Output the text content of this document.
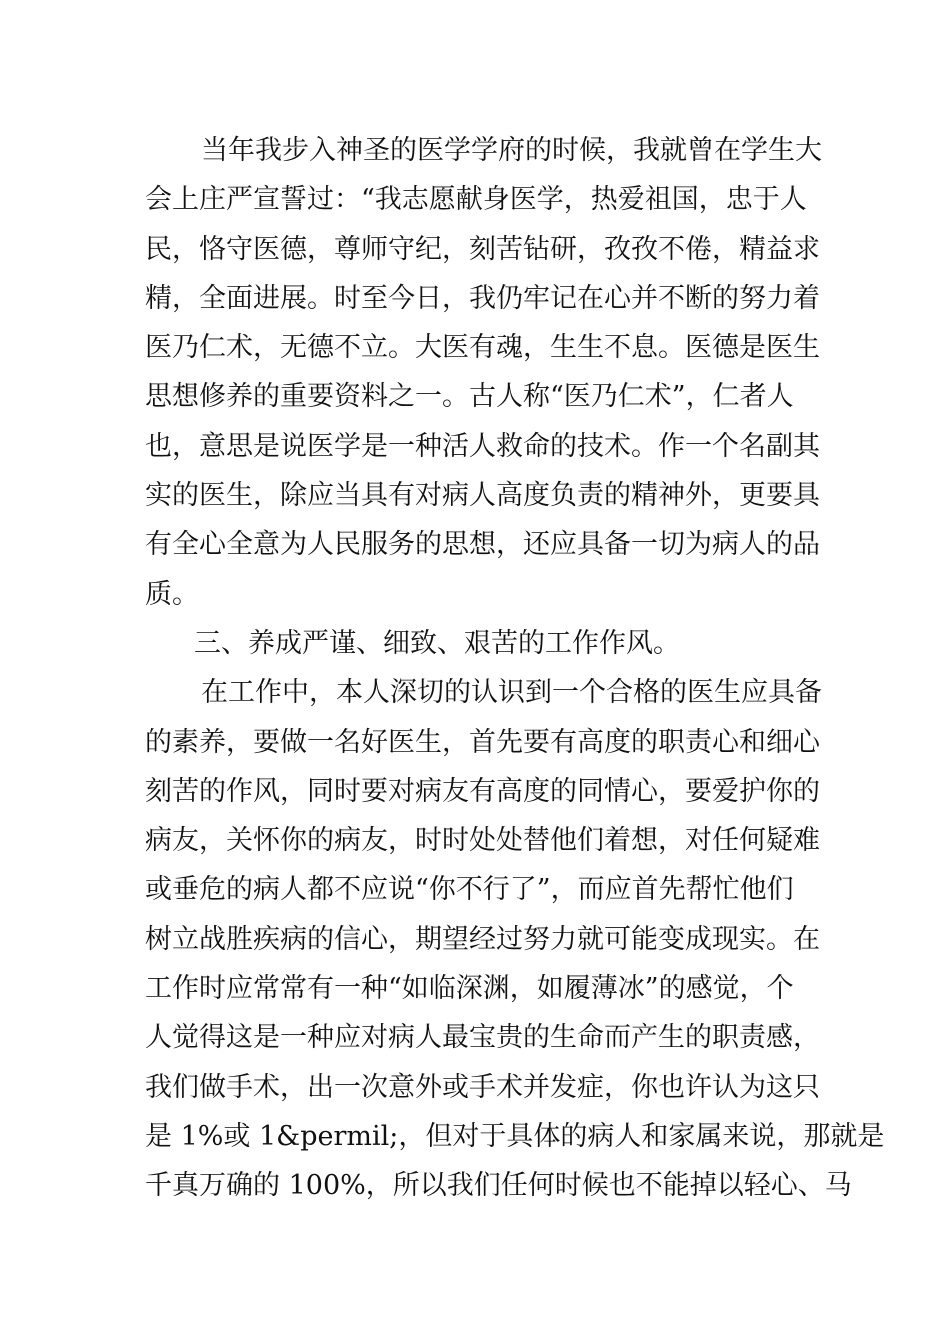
当年我步入神圣的医学学府的时候，我就曾在学生大
会上庄严宣誓过：“我志愿献身医学，热爱祖国，忠于人
民，恪守医德，尊师守纪，刻苦钻研，孜孜不倦，精益求
精，全面进展。时至今日，我仍牢记在心并不断的努力着
医乃仁术，无德不立。大医有魂，生生不息。医德是医生
思想修养的重要资料之一。古人称“医乃仁术”，仁者人
也，意思是说医学是一种活人救命的技术。作一个名副其
实的医生，除应当具有对病人高度负责的精神外，更要具
有全心全意为人民服务的思想，还应具备一切为病人的品
质。
三、养成严谨、细致、艰苦的工作作风。
在工作中，本人深切的认识到一个合格的医生应具备
的素养，要做一名好医生，首先要有高度的职责心和细心
刻苦的作风，同时要对病友有高度的同情心，要爱护你的
病友，关怀你的病友，时时处处替他们着想，对任何疑难
或垂危的病人都不应说“你不行了”，而应首先帮忙他们
树立战胜疾病的信心，期望经过努力就可能变成现实。在
工作时应常常有一种“如临深渊，如履薄冰”的感觉，个
人觉得这是一种应对病人最宝贵的生命而产生的职责感，
我们做手术，出一次意外或手术并发症，你也许认为这只
是 1%或 1&permil;，但对于具体的病人和家属来说，那就是
千真万确的 100%，所以我们任何时候也不能掉以轻心、马
